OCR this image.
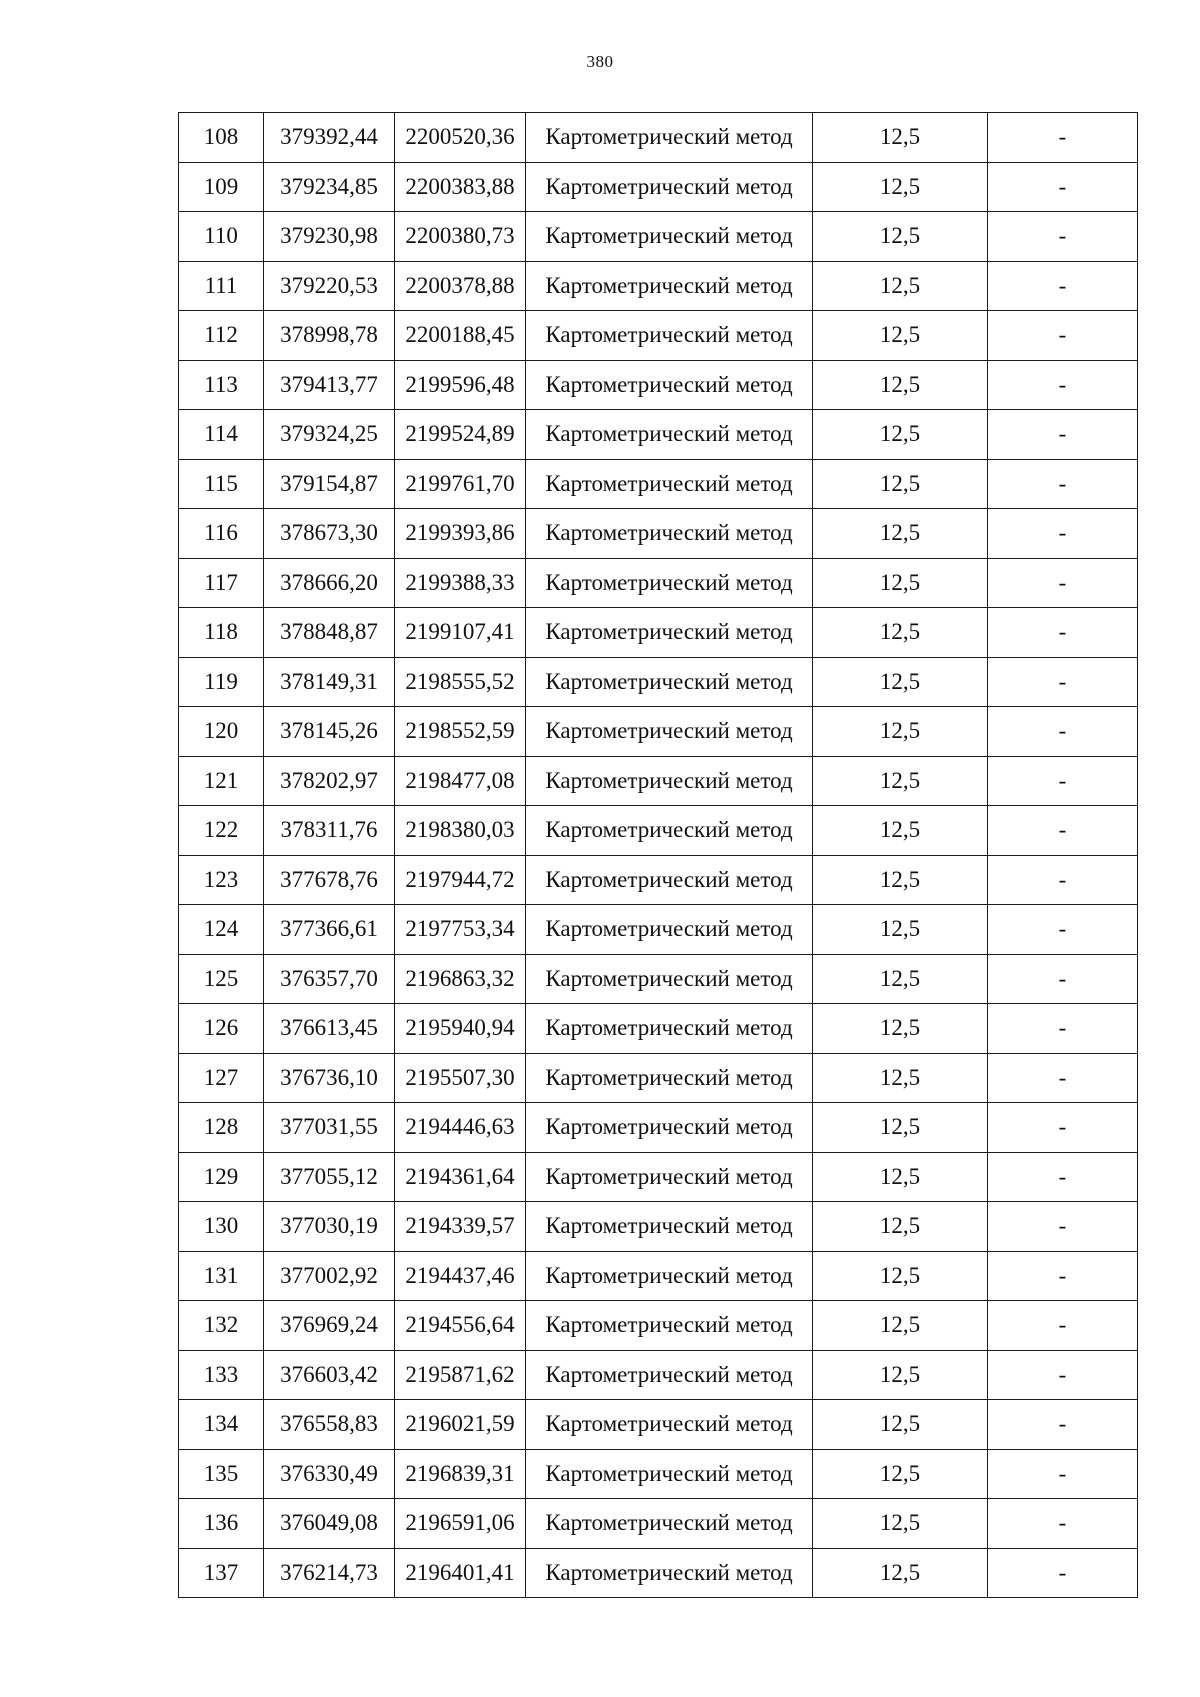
380
108	379392,44	2200520,36	Картометрический метод	12,5	-
109	379234,85	2200383,88	Картометрический метод	12,5	-
110	379230,98	2200380,73	Картометрический метод	12,5	-
111	379220,53	2200378,88	Картометрический метод	12,5	-
112	378998,78	2200188,45	Картометрический метод	12,5	-
113	379413,77	2199596,48	Картометрический метод	12,5	-
114	379324,25	2199524,89	Картометрический метод	12,5	-
115	379154,87	2199761,70	Картометрический метод	12,5	-
116	378673,30	2199393,86	Картометрический метод	12,5	-
117	378666,20	2199388,33	Картометрический метод	12,5	-
118	378848,87	2199107,41	Картометрический метод	12,5	-
119	378149,31	2198555,52	Картометрический метод	12,5	-
120	378145,26	2198552,59	Картометрический метод	12,5	-
121	378202,97	2198477,08	Картометрический метод	12,5	-
122	378311,76	2198380,03	Картометрический метод	12,5	-
123	377678,76	2197944,72	Картометрический метод	12,5	-
124	377366,61	2197753,34	Картометрический метод	12,5	-
125	376357,70	2196863,32	Картометрический метод	12,5	-
126	376613,45	2195940,94	Картометрический метод	12,5	-
127	376736,10	2195507,30	Картометрический метод	12,5	-
128	377031,55	2194446,63	Картометрический метод	12,5	-
129	377055,12	2194361,64	Картометрический метод	12,5	-
130	377030,19	2194339,57	Картометрический метод	12,5	-
131	377002,92	2194437,46	Картометрический метод	12,5	-
132	376969,24	2194556,64	Картометрический метод	12,5	-
133	376603,42	2195871,62	Картометрический метод	12,5	-
134	376558,83	2196021,59	Картометрический метод	12,5	-
135	376330,49	2196839,31	Картометрический метод	12,5	-
136	376049,08	2196591,06	Картометрический метод	12,5	-
137	376214,73	2196401,41	Картометрический метод	12,5	-
